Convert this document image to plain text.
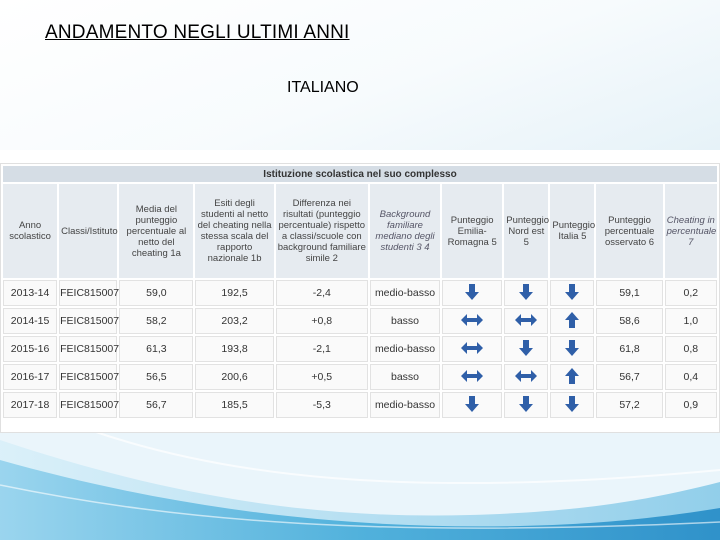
ANDAMENTO NEGLI ULTIMI ANNI
ITALIANO
Istituzione scolastica nel suo complesso										
Anno scolastico	Classi/Istituto	Media del punteggio percentuale al netto del cheating 1a	Esiti degli studenti al netto del cheating nella stessa scala del rapporto nazionale 1b	Differenza nei risultati (punteggio percentuale) rispetto a classi/scuole con background familiare simile 2	Background familiare mediano degli studenti 3 4	Punteggio Emilia-Romagna 5	Punteggio Nord est 5	Punteggio Italia 5	Punteggio percentuale osservato 6	Cheating in percentuale 7
2013-14	FEIC815007	59,0	192,5	-2,4	medio-basso				59,1	0,2
2014-15	FEIC815007	58,2	203,2	+0,8	basso				58,6	1,0
2015-16	FEIC815007	61,3	193,8	-2,1	medio-basso				61,8	0,8
2016-17	FEIC815007	56,5	200,6	+0,5	basso				56,7	0,4
2017-18	FEIC815007	56,7	185,5	-5,3	medio-basso				57,2	0,9
